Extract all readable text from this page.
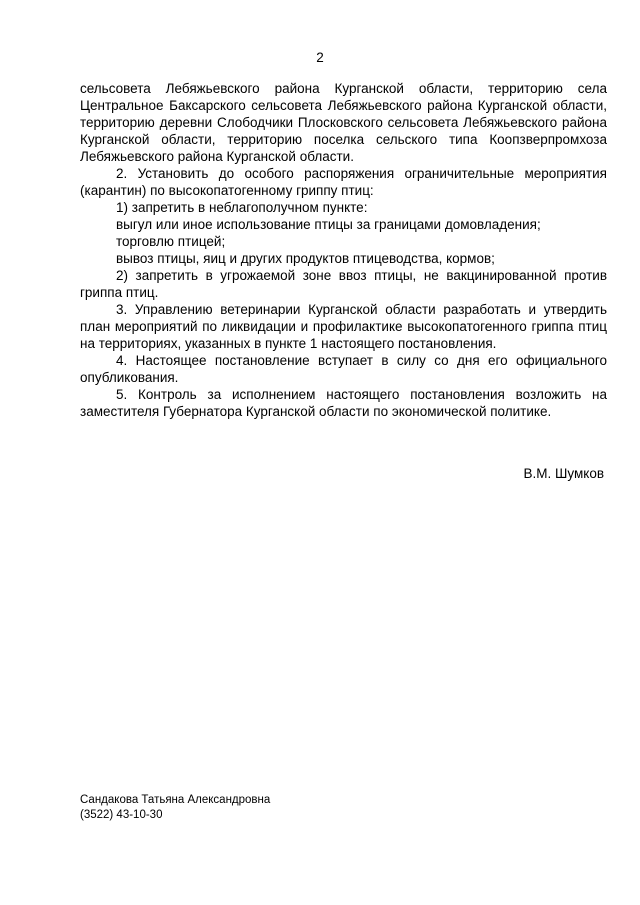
2

сельсовета Лебяжьевского района Курганской области, территорию села Центральное Баксарского сельсовета Лебяжьевского района Курганской области, территорию деревни Слободчики Плосковского сельсовета Лебяжьевского района Курганской области, территорию поселка сельского типа Коопзверпромхоза Лебяжьевского района Курганской области.

2. Установить до особого распоряжения ограничительные мероприятия (карантин) по высокопатогенному гриппу птиц:

1) запретить в неблагополучном пункте:

выгул или иное использование птицы за границами домовладения;

торговлю птицей;

вывоз птицы, яиц и других продуктов птицеводства, кормов;

2) запретить в угрожаемой зоне ввоз птицы, не вакцинированной против гриппа птиц.

3. Управлению ветеринарии Курганской области разработать и утвердить план мероприятий по ликвидации и профилактике высокопатогенного гриппа птиц на территориях, указанных в пункте 1 настоящего постановления.

4. Настоящее постановление вступает в силу со дня его официального опубликования.

5. Контроль за исполнением настоящего постановления возложить на заместителя Губернатора Курганской области по экономической политике.

В.М. Шумков
Сандакова Татьяна Александровна
(3522) 43-10-30
